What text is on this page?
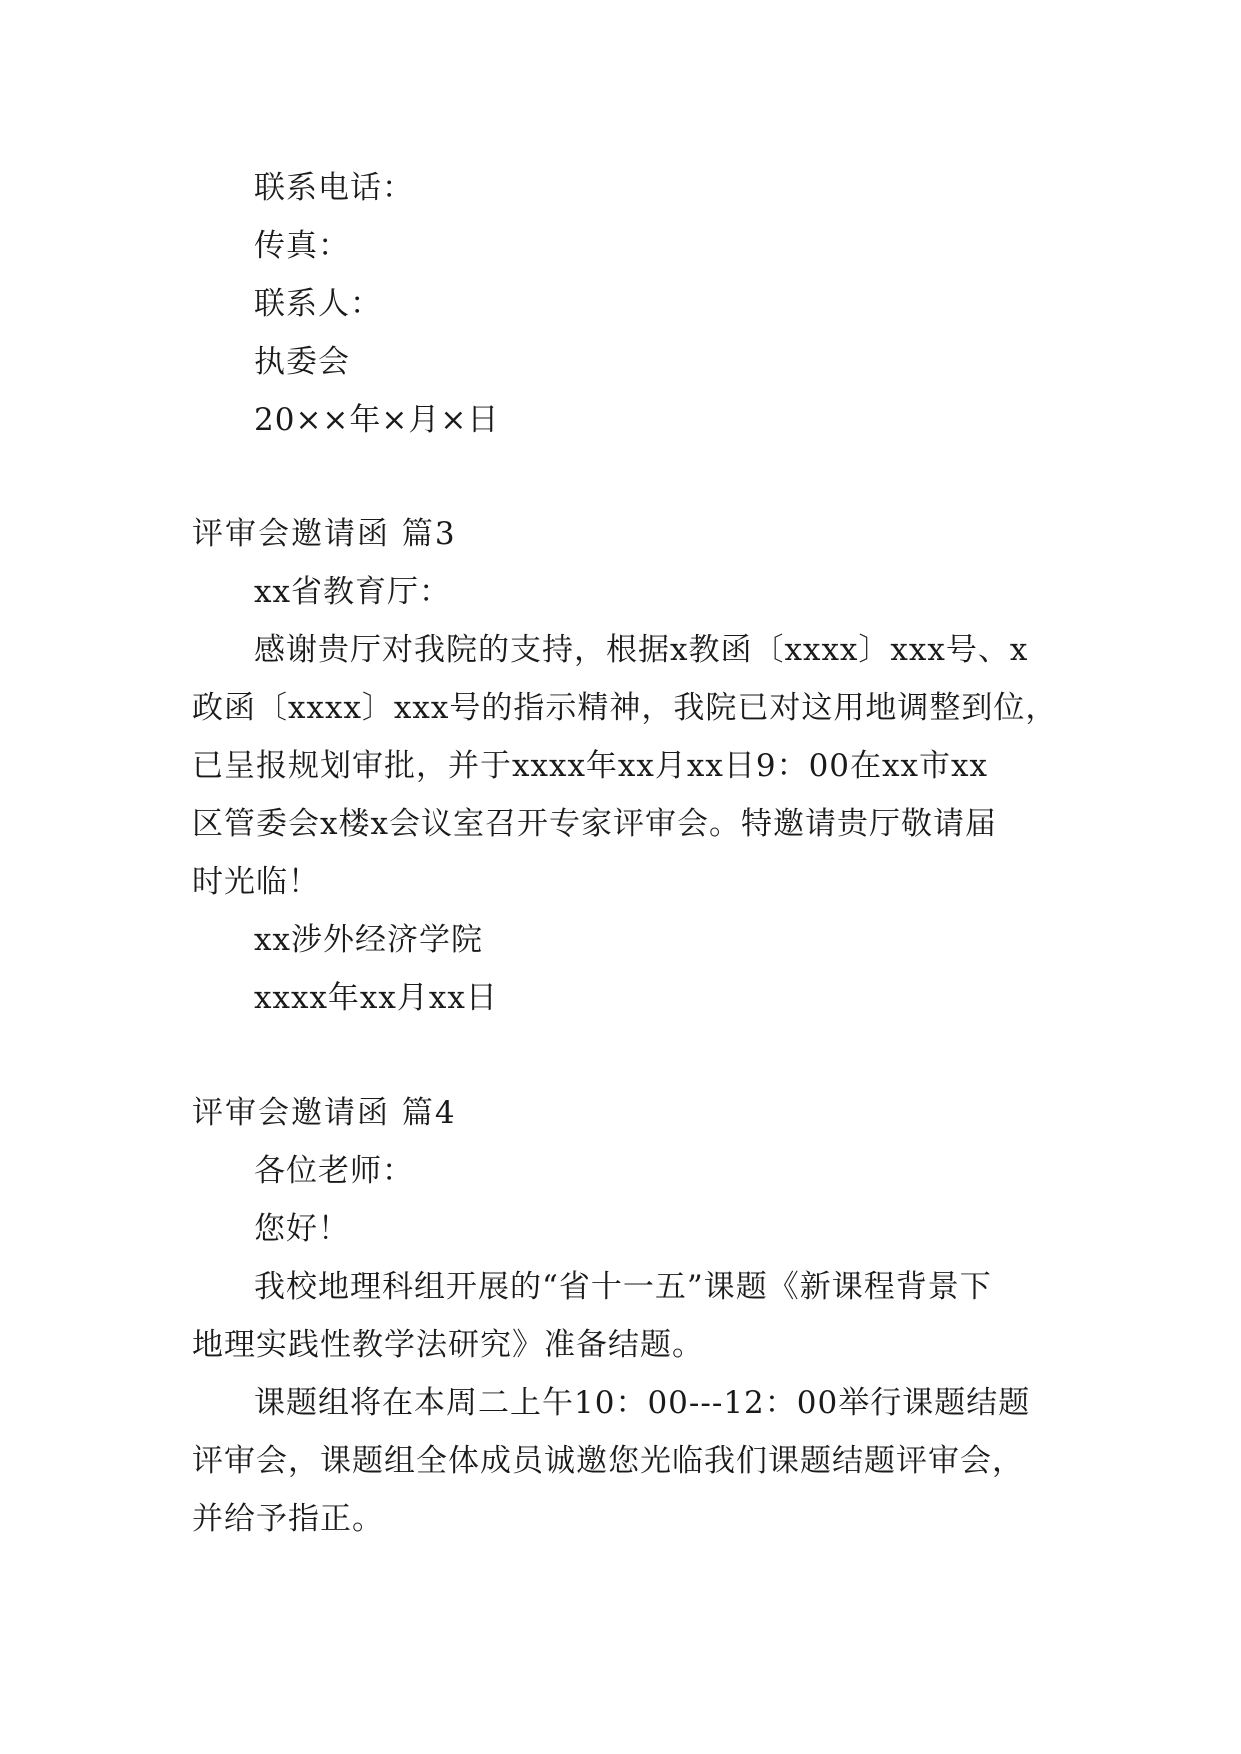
联系电话：
传真：
联系人：
执委会
20××年×月×日
评审会邀请函 篇3
xx省教育厅：
感谢贵厅对我院的支持，根据x教函〔xxxx〕xxx号、x
政函〔xxxx〕xxx号的指示精神，我院已对这用地调整到位，
已呈报规划审批，并于xxxx年xx月xx日9：00在xx市xx
区管委会x楼x会议室召开专家评审会。特邀请贵厅敬请届
时光临！
xx涉外经济学院
xxxx年xx月xx日
评审会邀请函 篇4
各位老师：
您好！
我校地理科组开展的“省十一五”课题《新课程背景下
地理实践性教学法研究》准备结题。
课题组将在本周二上午10：00---12：00举行课题结题
评审会，课题组全体成员诚邀您光临我们课题结题评审会，
并给予指正。
